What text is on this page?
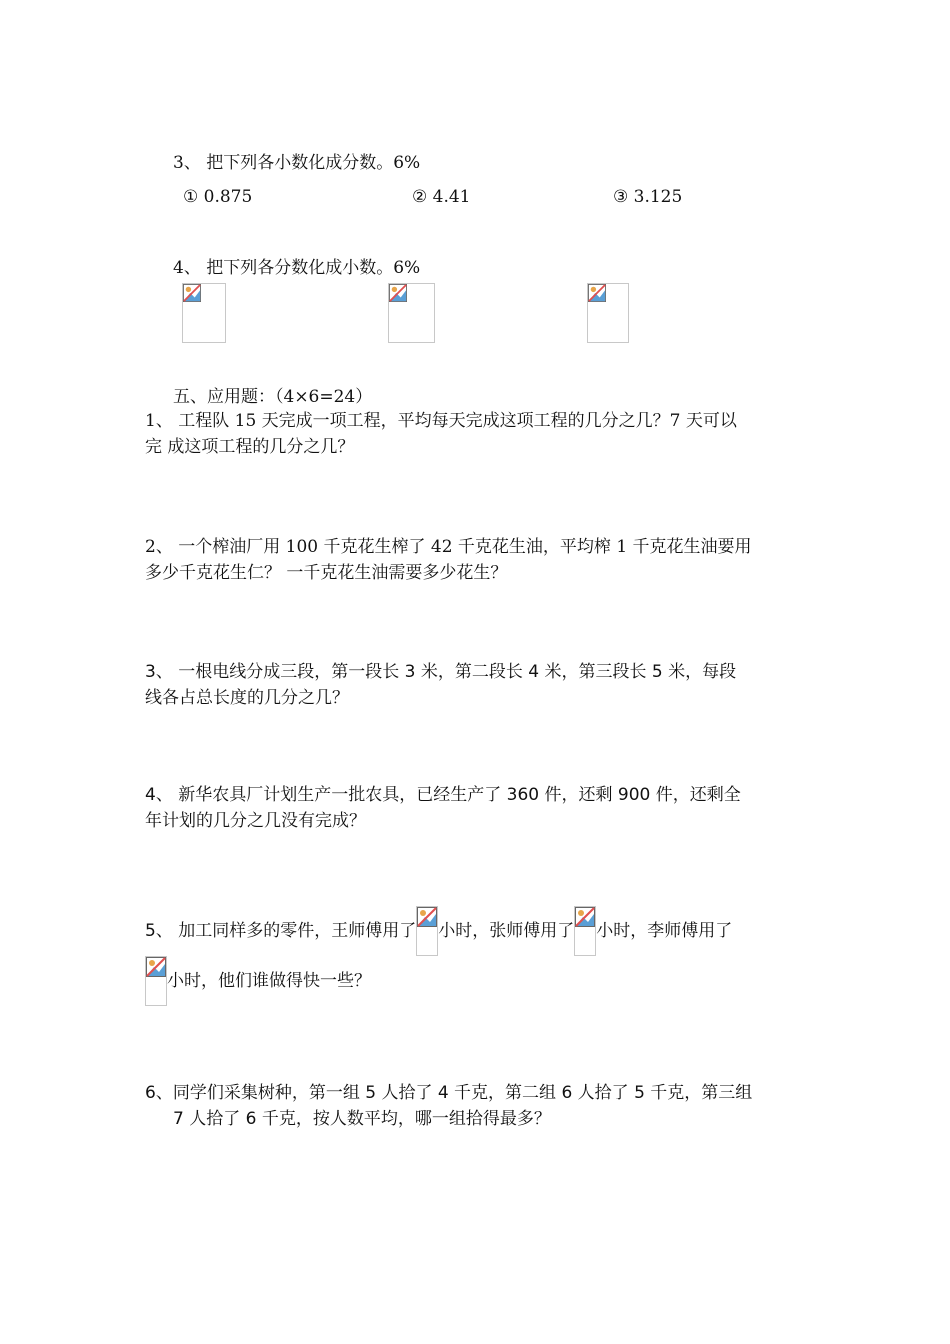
3、 把下列各小数化成分数。6%
① 0.875	② 4.41	③ 3.125
4、 把下列各分数化成小数。6%
五、应用题：（4×6=24）
1、 工程队 15 天完成一项工程，平均每天完成这项工程的几分之几？7 天可以
完 成这项工程的几分之几？
2、 一个榨油厂用 100 千克花生榨了 42 千克花生油，平均榨 1 千克花生油要用
多少千克花生仁？ 一千克花生油需要多少花生？
3、 一根电线分成三段，第一段长 3 米，第二段长 4 米，第三段长 5 米，每段
线各占总长度的几分之几？
4、 新华农具厂计划生产一批农具，已经生产了 360 件，还剩 900 件，还剩全
年计划的几分之几没有完成？
5、 加工同样多的零件，王师傅用了 小时，张师傅用了 小时，李师傅用了
小时，他们谁做得快一些？
6、同学们采集树种，第一组 5 人拾了 4 千克，第二组 6 人拾了 5 千克，第三组
7 人拾了 6 千克，按人数平均，哪一组拾得最多？
